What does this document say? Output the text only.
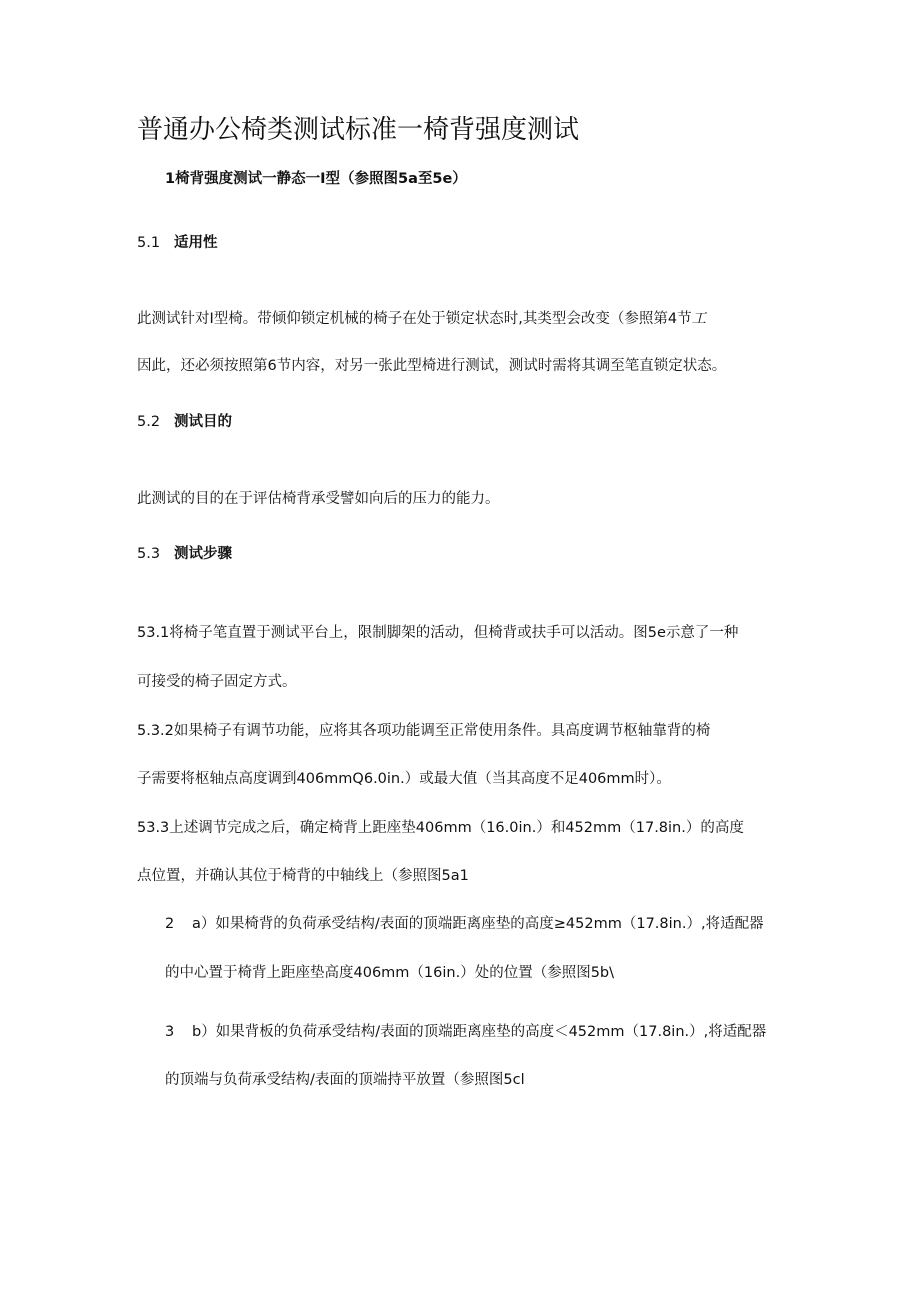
普通办公椅类测试标准一椅背强度测试
1椅背强度测试一静态一I型（参照图5a至5e）
5.1 适用性
此测试针对I型椅。带倾仰锁定机械的椅子在处于锁定状态时,其类型会改变（参照第4节工
因此，还必须按照第6节内容，对另一张此型椅进行测试，测试时需将其调至笔直锁定状态。
5.2 测试目的
此测试的目的在于评估椅背承受譬如向后的压力的能力。
5.3 测试步骤
53.1将椅子笔直置于测试平台上，限制脚架的活动，但椅背或扶手可以活动。图5e示意了一种
可接受的椅子固定方式。
5.3.2如果椅子有调节功能，应将其各项功能调至正常使用条件。具高度调节枢轴靠背的椅
子需要将枢轴点高度调到406mmQ6.0in.）或最大值（当其高度不足406mm时）。
53.3上述调节完成之后，确定椅背上距座垫406mm（16.0in.）和452mm（17.8in.）的高度
点位置，并确认其位于椅背的中轴线上（参照图5a1
2 a）如果椅背的负荷承受结构/表面的顶端距离座垫的高度≥452mm（17.8in.）,将适配器
的中心置于椅背上距座垫高度406mm（16in.）处的位置（参照图5b\
3 b）如果背板的负荷承受结构/表面的顶端距离座垫的高度＜452mm（17.8in.）,将适配器
的顶端与负荷承受结构/表面的顶端持平放置（参照图5cl
